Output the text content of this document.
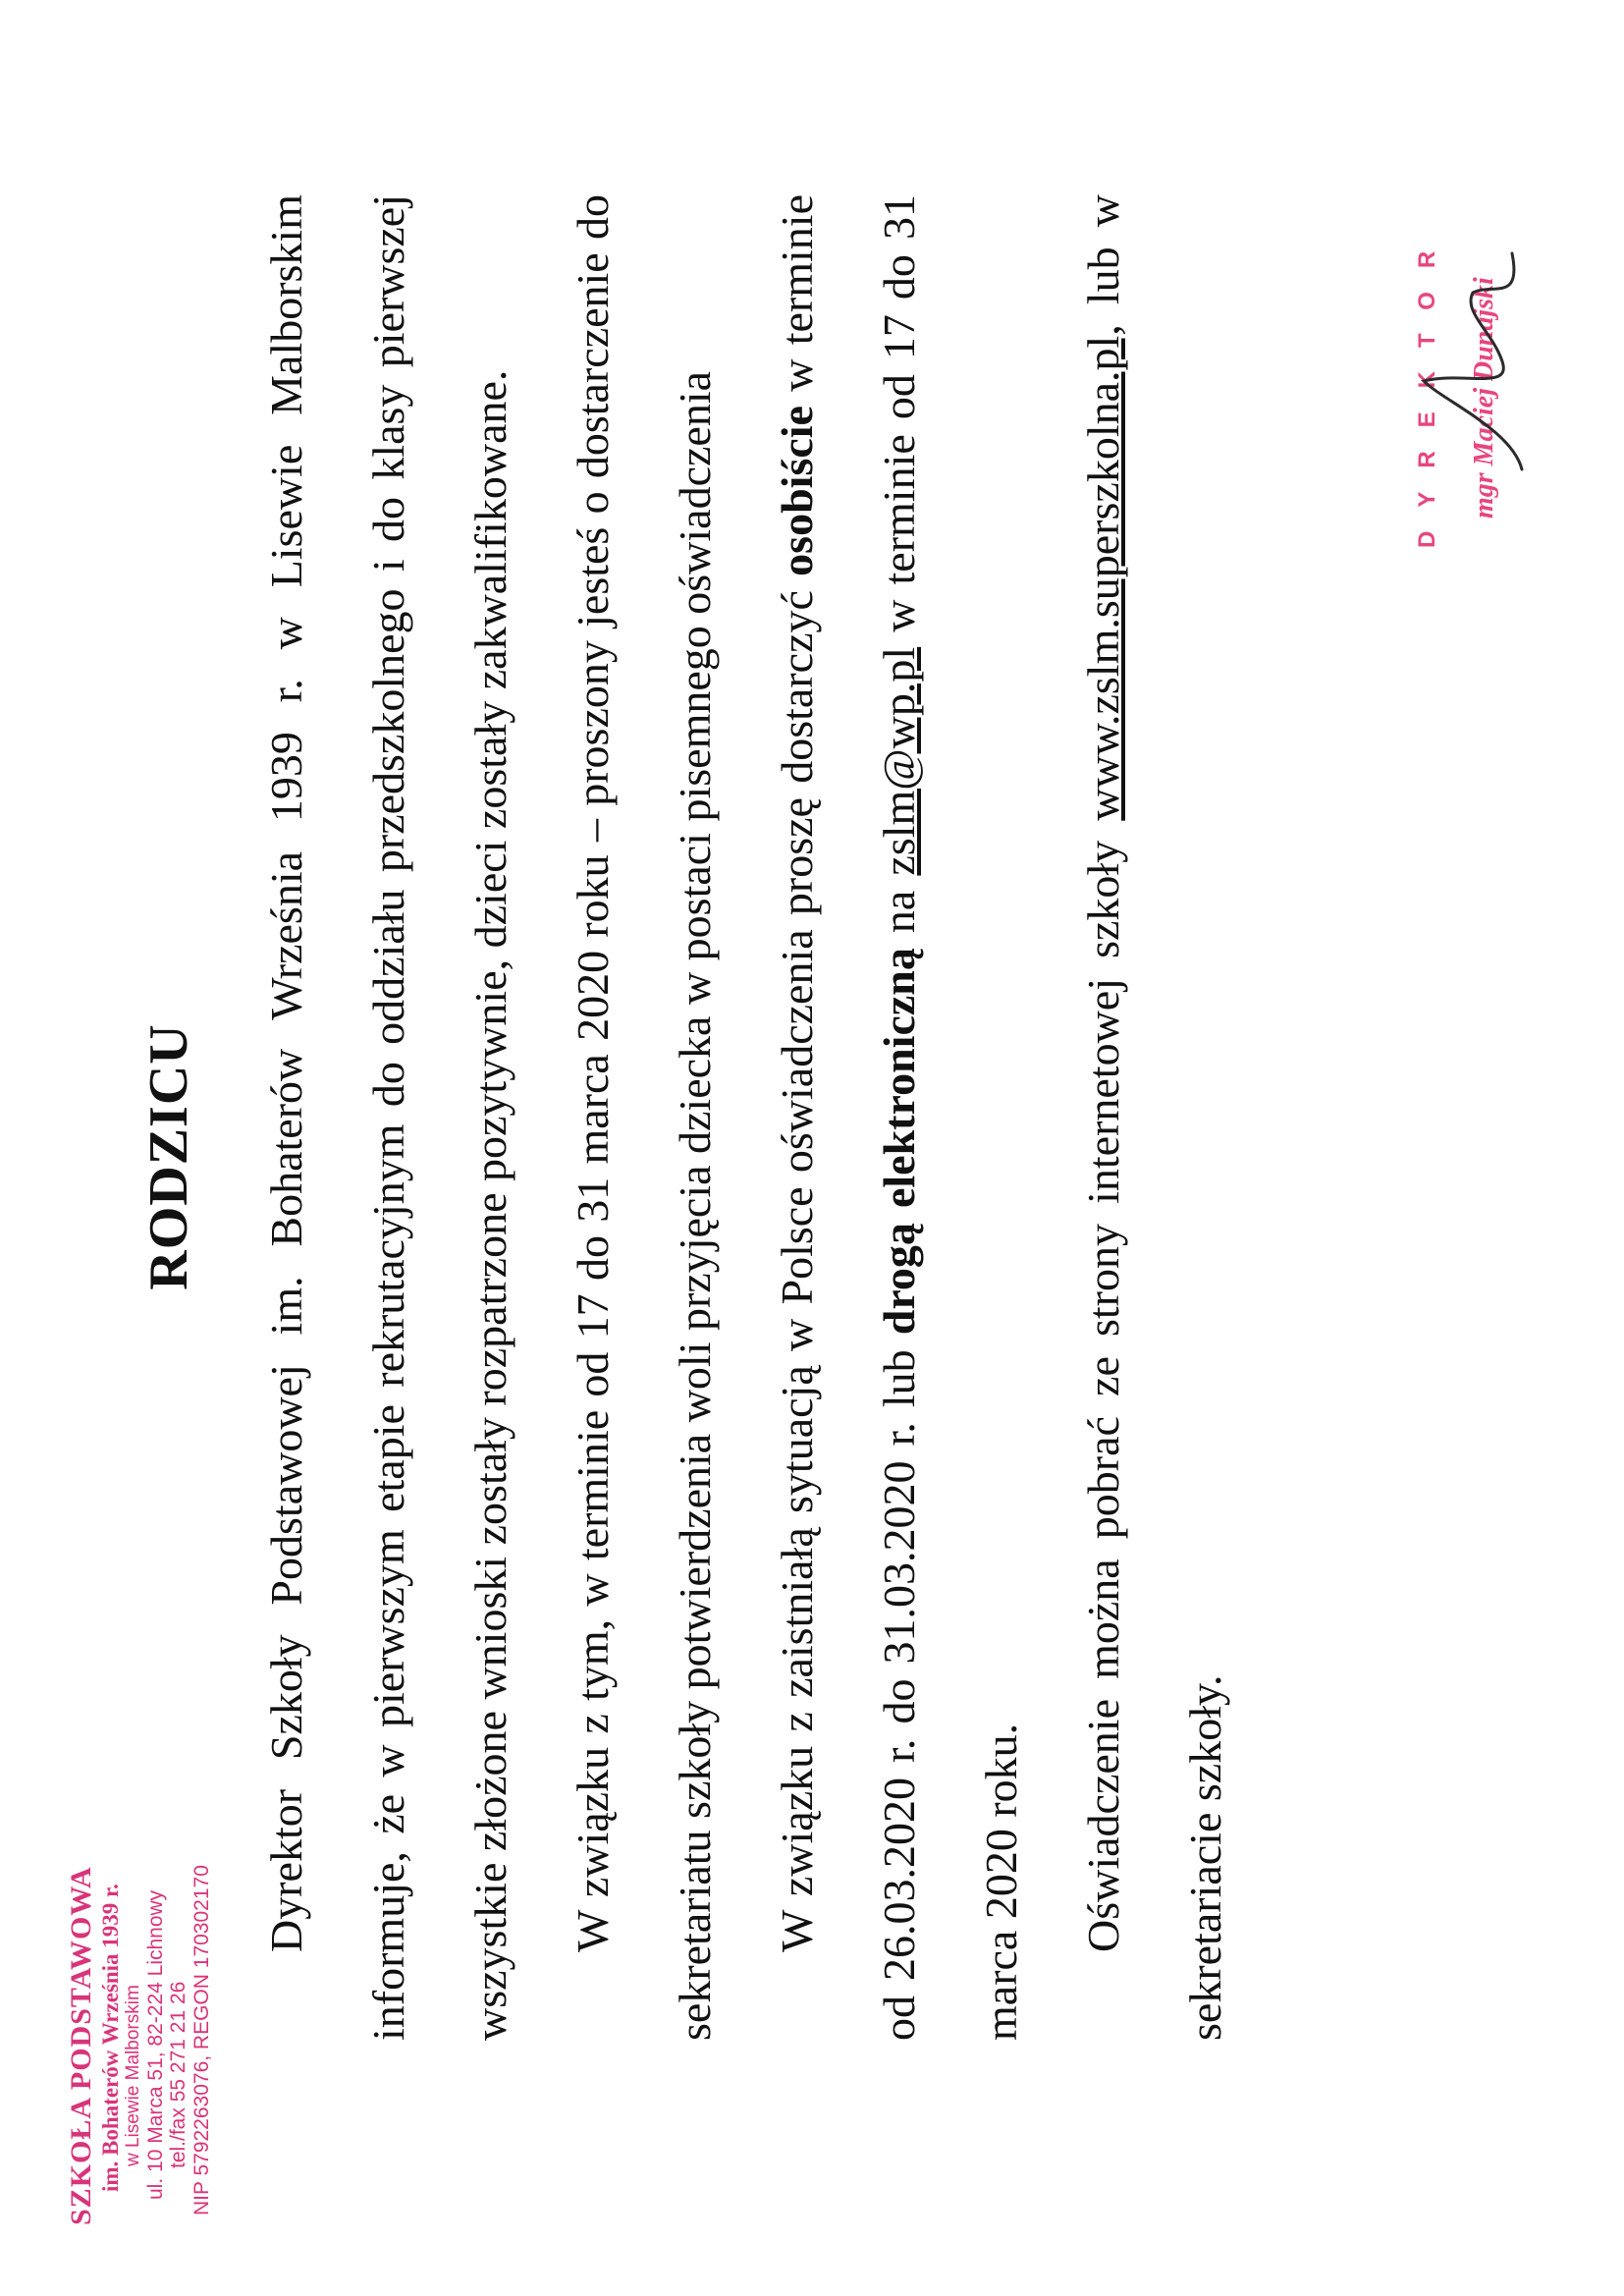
SZKOŁA PODSTAWOWA im. Bohaterów Września 1939 r. w Lisewie Malborskim ul. 10 Marca 51, 82-224 Lichnowy tel./fax 55 271 21 26 NIP 5792263076, REGON 170302170
RODZICU	Dyrektor Szkoły Podstawowej im. Bohaterów Września 1939 r. w Lisewie Malborskim informuje, że w pierwszym etapie rekrutacyjnym do oddziału przedszkolnego i do klasy pierwszej wszystkie złożone wnioski zostały rozpatrzone pozytywnie, dzieci zostały zakwalifikowane.	W związku z tym, w terminie od 17 do 31 marca 2020 roku – proszony jesteś o dostarczenie do sekretariatu szkoły potwierdzenia woli przyjęcia dziecka w postaci pisemnego oświadczenia	W związku z zaistniałą sytuacją w Polsce oświadczenia proszę dostarczyć osobiście w terminie od 26.03.2020 r. do 31.03.2020 r. lub drogą elektroniczną na zslm@wp.pl w terminie od 17 do 31 marca 2020 roku.	Oświadczenie można pobrać ze strony internetowej szkoły www.zslm.superszkolna.pl, lub w sekretariacie szkoły.

DYREKTOR mgr Maciej Dunajski
